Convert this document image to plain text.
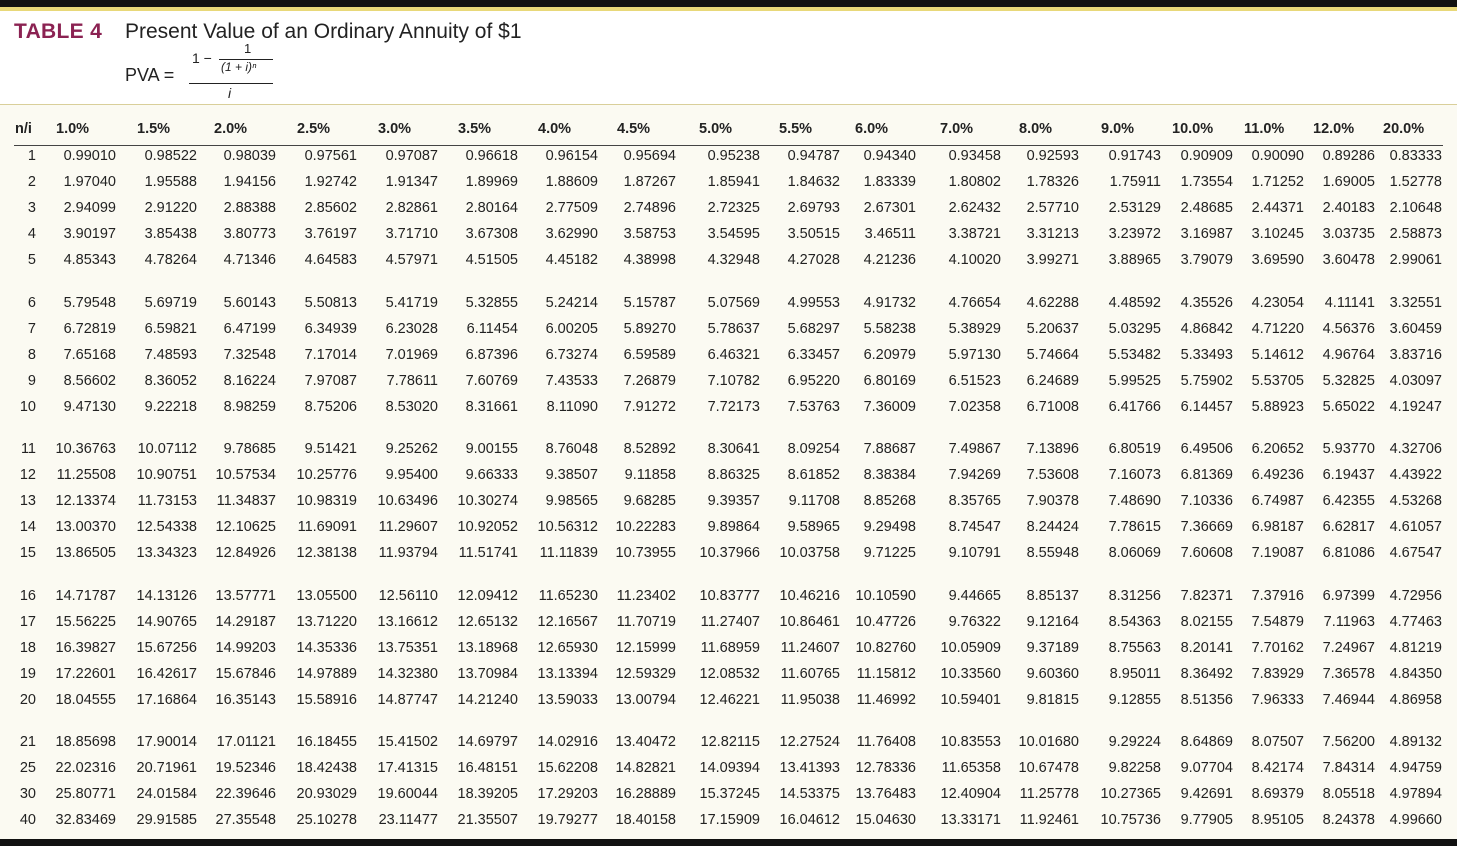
TABLE 4 Present Value of an Ordinary Annuity of $1
PVA =
1
1 −
(1 + i)ⁿ
i
n/i 1.0%	1.5%	2.0%	2.5%	3.0%	3.5%	4.0%	4.5%	5.0%	5.5%	6.0%	7.0%	8.0%	9.0%	10.0% 11.0% 12.0% 20.0%
1 0.99010 0.98522 0.98039 0.97561 0.97087 0.96618 0.96154 0.95694 0.95238 0.94787 0.94340 0.93458 0.92593 0.91743 0.90909 0.90090 0.89286 0.83333
2 1.97040 1.95588 1.94156 1.92742 1.91347 1.89969 1.88609 1.87267 1.85941 1.84632 1.83339 1.80802 1.78326 1.75911 1.73554 1.71252 1.69005 1.52778
3 2.94099 2.91220 2.88388 2.85602 2.82861 2.80164 2.77509 2.74896 2.72325 2.69793 2.67301 2.62432 2.57710 2.53129 2.48685 2.44371 2.40183 2.10648
4 3.90197 3.85438 3.80773 3.76197 3.71710 3.67308 3.62990 3.58753 3.54595 3.50515 3.46511 3.38721 3.31213 3.23972 3.16987 3.10245 3.03735 2.58873
5 4.85343 4.78264 4.71346 4.64583 4.57971 4.51505 4.45182 4.38998 4.32948 4.27028 4.21236 4.10020 3.99271 3.88965 3.79079 3.69590 3.60478 2.99061
6 5.79548 5.69719 5.60143 5.50813 5.41719 5.32855 5.24214 5.15787 5.07569 4.99553 4.91732 4.76654 4.62288 4.48592 4.35526 4.23054 4.11141 3.32551
7 6.72819 6.59821 6.47199 6.34939 6.23028 6.11454 6.00205 5.89270 5.78637 5.68297 5.58238 5.38929 5.20637 5.03295 4.86842 4.71220 4.56376 3.60459
8 7.65168 7.48593 7.32548 7.17014 7.01969 6.87396 6.73274 6.59589 6.46321 6.33457 6.20979 5.97130 5.74664 5.53482 5.33493 5.14612 4.96764 3.83716
9 8.56602 8.36052 8.16224 7.97087 7.78611 7.60769 7.43533 7.26879 7.10782 6.95220 6.80169 6.51523 6.24689 5.99525 5.75902 5.53705 5.32825 4.03097
10 9.47130 9.22218 8.98259 8.75206 8.53020 8.31661 8.11090 7.91272 7.72173 7.53763 7.36009 7.02358 6.71008 6.41766 6.14457 5.88923 5.65022 4.19247
11 10.36763 10.07112 9.78685 9.51421 9.25262 9.00155 8.76048 8.52892 8.30641 8.09254 7.88687 7.49867 7.13896 6.80519 6.49506 6.20652 5.93770 4.32706
12 11.25508 10.90751 10.57534 10.25776 9.95400 9.66333 9.38507 9.11858 8.86325 8.61852 8.38384 7.94269 7.53608 7.16073 6.81369 6.49236 6.19437 4.43922
13 12.13374 11.73153 11.34837 10.98319 10.63496 10.30274 9.98565 9.68285 9.39357 9.11708 8.85268 8.35765 7.90378 7.48690 7.10336 6.74987 6.42355 4.53268
14 13.00370 12.54338 12.10625 11.69091 11.29607 10.92052 10.56312 10.22283 9.89864 9.58965 9.29498 8.74547 8.24424 7.78615 7.36669 6.98187 6.62817 4.61057
15 13.86505 13.34323 12.84926 12.38138 11.93794 11.51741 11.11839 10.73955 10.37966 10.03758 9.71225 9.10791 8.55948 8.06069 7.60608 7.19087 6.81086 4.67547
16 14.71787 14.13126 13.57771 13.05500 12.56110 12.09412 11.65230 11.23402 10.83777 10.46216 10.10590 9.44665 8.85137 8.31256 7.82371 7.37916 6.97399 4.72956
17 15.56225 14.90765 14.29187 13.71220 13.16612 12.65132 12.16567 11.70719 11.27407 10.86461 10.47726 9.76322 9.12164 8.54363 8.02155 7.54879 7.11963 4.77463
18 16.39827 15.67256 14.99203 14.35336 13.75351 13.18968 12.65930 12.15999 11.68959 11.24607 10.82760 10.05909 9.37189 8.75563 8.20141 7.70162 7.24967 4.81219
19 17.22601 16.42617 15.67846 14.97889 14.32380 13.70984 13.13394 12.59329 12.08532 11.60765 11.15812 10.33560 9.60360 8.95011 8.36492 7.83929 7.36578 4.84350
20 18.04555 17.16864 16.35143 15.58916 14.87747 14.21240 13.59033 13.00794 12.46221 11.95038 11.46992 10.59401 9.81815 9.12855 8.51356 7.96333 7.46944 4.86958
21 18.85698 17.90014 17.01121 16.18455 15.41502 14.69797 14.02916 13.40472 12.82115 12.27524 11.76408 10.83553 10.01680 9.29224 8.64869 8.07507 7.56200 4.89132
25 22.02316 20.71961 19.52346 18.42438 17.41315 16.48151 15.62208 14.82821 14.09394 13.41393 12.78336 11.65358 10.67478 9.82258 9.07704 8.42174 7.84314 4.94759
30 25.80771 24.01584 22.39646 20.93029 19.60044 18.39205 17.29203 16.28889 15.37245 14.53375 13.76483 12.40904 11.25778 10.27365 9.42691 8.69379 8.05518 4.97894
40 32.83469 29.91585 27.35548 25.10278 23.11477 21.35507 19.79277 18.40158 17.15909 16.04612 15.04630 13.33171 11.92461 10.75736 9.77905 8.95105 8.24378 4.99660
